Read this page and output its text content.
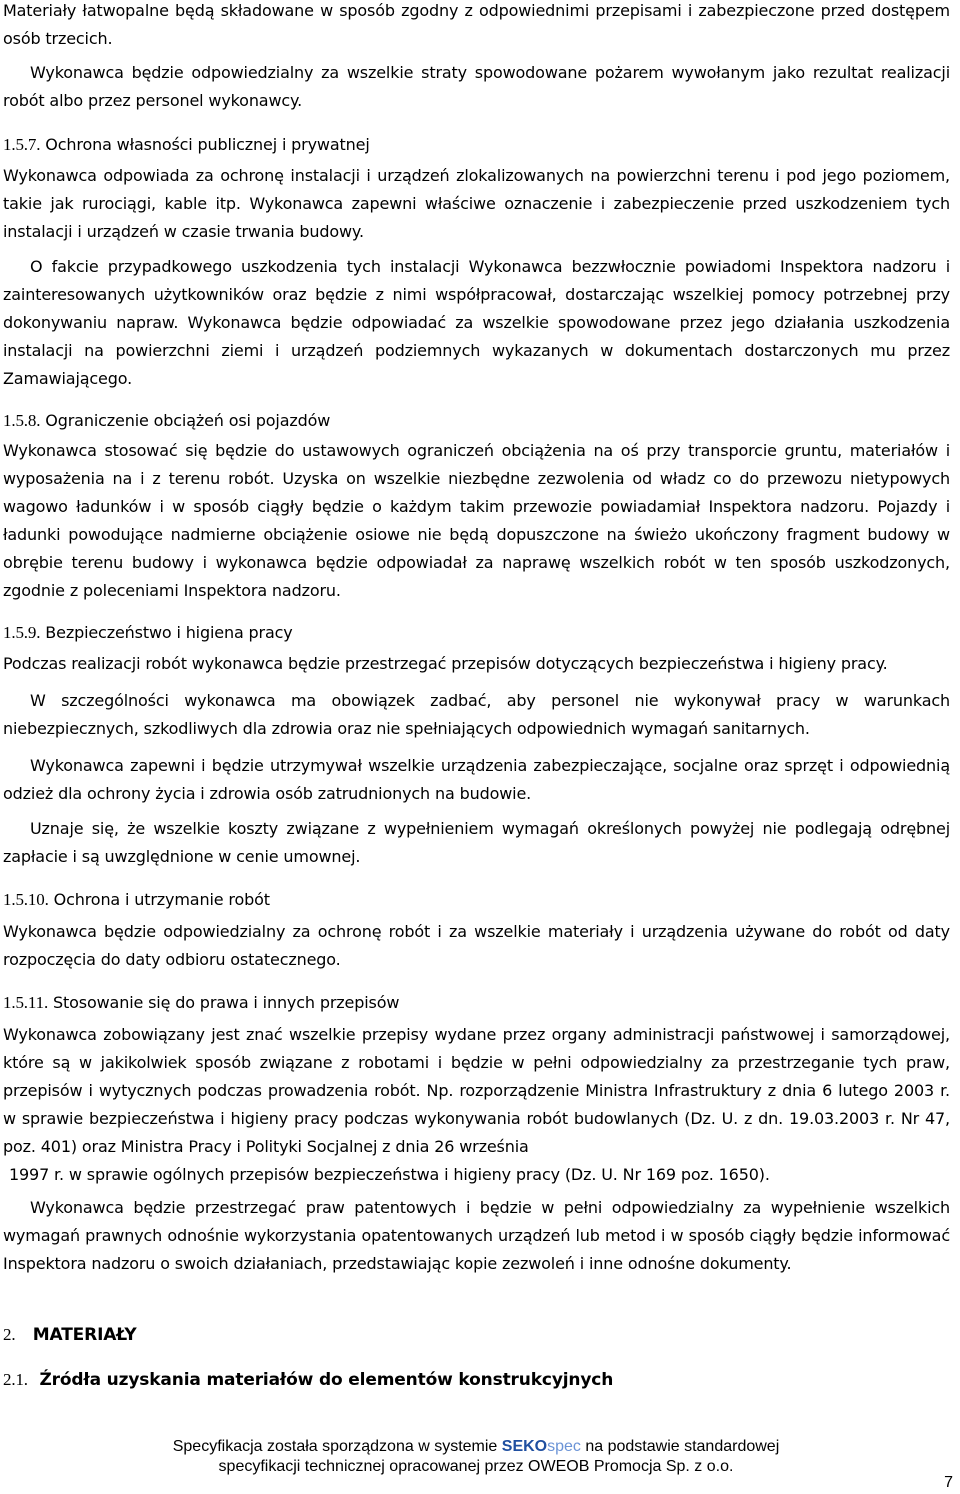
Materiały łatwopalne będą składowane w sposób zgodny z odpowiednimi przepisami i zabezpieczone przed dostępem osób trzecich.

Wykonawca będzie odpowiedzialny za wszelkie straty spowodowane pożarem wywołanym jako rezultat realizacji robót albo przez personel wykonawcy.

1.5.7. Ochrona własności publicznej i prywatnej

Wykonawca odpowiada za ochronę instalacji i urządzeń zlokalizowanych na powierzchni terenu i pod jego poziomem, takie jak rurociągi, kable itp. Wykonawca zapewni właściwe oznaczenie i zabezpieczenie przed uszkodzeniem tych instalacji i urządzeń w czasie trwania budowy.

O fakcie przypadkowego uszkodzenia tych instalacji Wykonawca bezzwłocznie powiadomi Inspektora nadzoru i zainteresowanych użytkowników oraz będzie z nimi współpracował, dostarczając wszelkiej pomocy potrzebnej przy dokonywaniu napraw. Wykonawca będzie odpowiadać za wszelkie spowodowane przez jego działania uszkodzenia instalacji na powierzchni ziemi i urządzeń podziemnych wykazanych w dokumentach dostarczonych mu przez Zamawiającego.

1.5.8. Ograniczenie obciążeń osi pojazdów

Wykonawca stosować się będzie do ustawowych ograniczeń obciążenia na oś przy transporcie gruntu, materiałów i wyposażenia na i z terenu robót. Uzyska on wszelkie niezbędne zezwolenia od władz co do przewozu nietypowych wagowo ładunków i w sposób ciągły będzie o każdym takim przewozie powiadamiał Inspektora nadzoru. Pojazdy i ładunki powodujące nadmierne obciążenie osiowe nie będą dopuszczone na świeżo ukończony fragment budowy w obrębie terenu budowy i wykonawca będzie odpowiadał za naprawę wszelkich robót w ten sposób uszkodzonych, zgodnie z poleceniami Inspektora nadzoru.

1.5.9. Bezpieczeństwo i higiena pracy

Podczas realizacji robót wykonawca będzie przestrzegać przepisów dotyczących bezpieczeństwa i higieny pracy.

W szczególności wykonawca ma obowiązek zadbać, aby personel nie wykonywał pracy w warunkach niebezpiecznych, szkodliwych dla zdrowia oraz nie spełniających odpowiednich wymagań sanitarnych.

Wykonawca zapewni i będzie utrzymywał wszelkie urządzenia zabezpieczające, socjalne oraz sprzęt i odpowiednią odzież dla ochrony życia i zdrowia osób zatrudnionych na budowie.

Uznaje się, że wszelkie koszty związane z wypełnieniem wymagań określonych powyżej nie podlegają odrębnej zapłacie i są uwzględnione w cenie umownej.

1.5.10. Ochrona i utrzymanie robót

Wykonawca będzie odpowiedzialny za ochronę robót i za wszelkie materiały i urządzenia używane do robót od daty rozpoczęcia do daty odbioru ostatecznego.

1.5.11. Stosowanie się do prawa i innych przepisów

Wykonawca zobowiązany jest znać wszelkie przepisy wydane przez organy administracji państwowej i samorządowej, które są w jakikolwiek sposób związane z robotami i będzie w pełni odpowiedzialny za przestrzeganie tych praw, przepisów i wytycznych podczas prowadzenia robót. Np. rozporządzenie Ministra Infrastruktury z dnia 6 lutego 2003 r. w sprawie bezpieczeństwa i higieny pracy podczas wykonywania robót budowlanych (Dz. U. z dn. 19.03.2003 r. Nr 47, poz. 401) oraz Ministra Pracy i Polityki Socjalnej z dnia 26 września

1997 r. w sprawie ogólnych przepisów bezpieczeństwa i higieny pracy (Dz. U. Nr 169 poz. 1650).

Wykonawca będzie przestrzegać praw patentowych i będzie w pełni odpowiedzialny za wypełnienie wszelkich wymagań prawnych odnośnie wykorzystania opatentowanych urządzeń lub metod i w sposób ciągły będzie informować Inspektora nadzoru o swoich działaniach, przedstawiając kopie zezwoleń i inne odnośne dokumenty.

2. MATERIAŁY

2.1. Źródła uzyskania materiałów do elementów konstrukcyjnych

Specyfikacja została sporządzona w systemie SEKOspec na podstawie standardowej
specyfikacji technicznej opracowanej przez OWEOB Promocja Sp. z o.o.
7
